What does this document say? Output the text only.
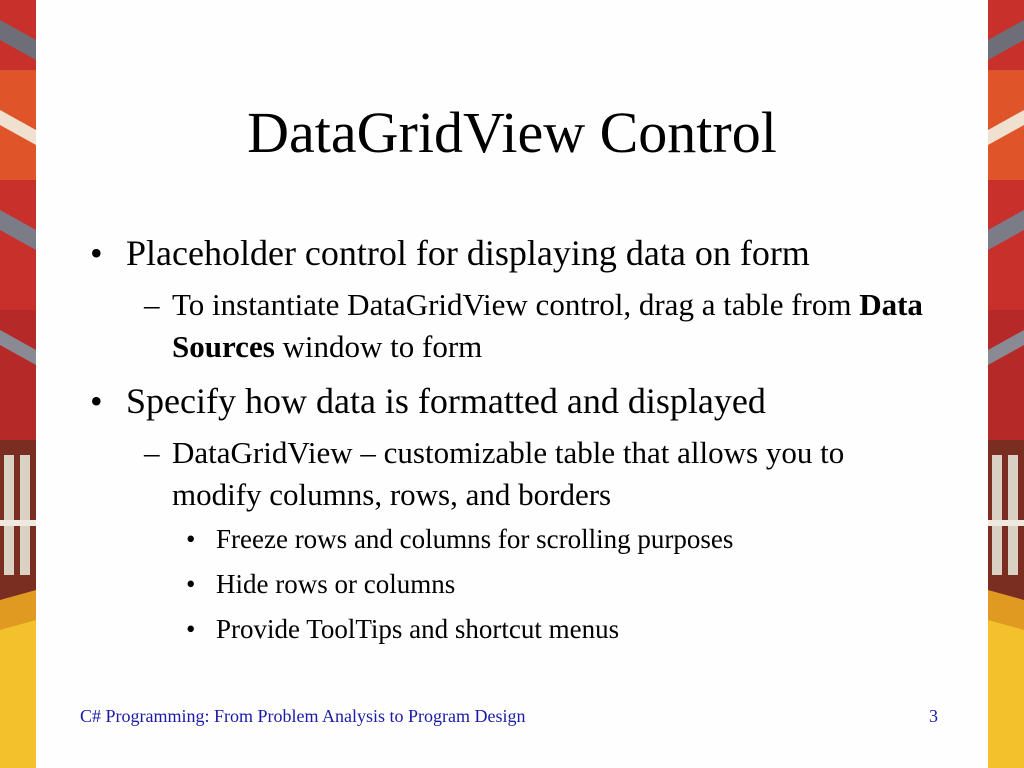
DataGridView Control
• Placeholder control for displaying data on form
– To instantiate DataGridView control, drag a table from Data Sources window to form
• Specify how data is formatted and displayed
– DataGridView – customizable table that allows you to modify columns, rows, and borders
• Freeze rows and columns for scrolling purposes
• Hide rows or columns
• Provide ToolTips and shortcut menus
C# Programming: From Problem Analysis to Program Design	3
